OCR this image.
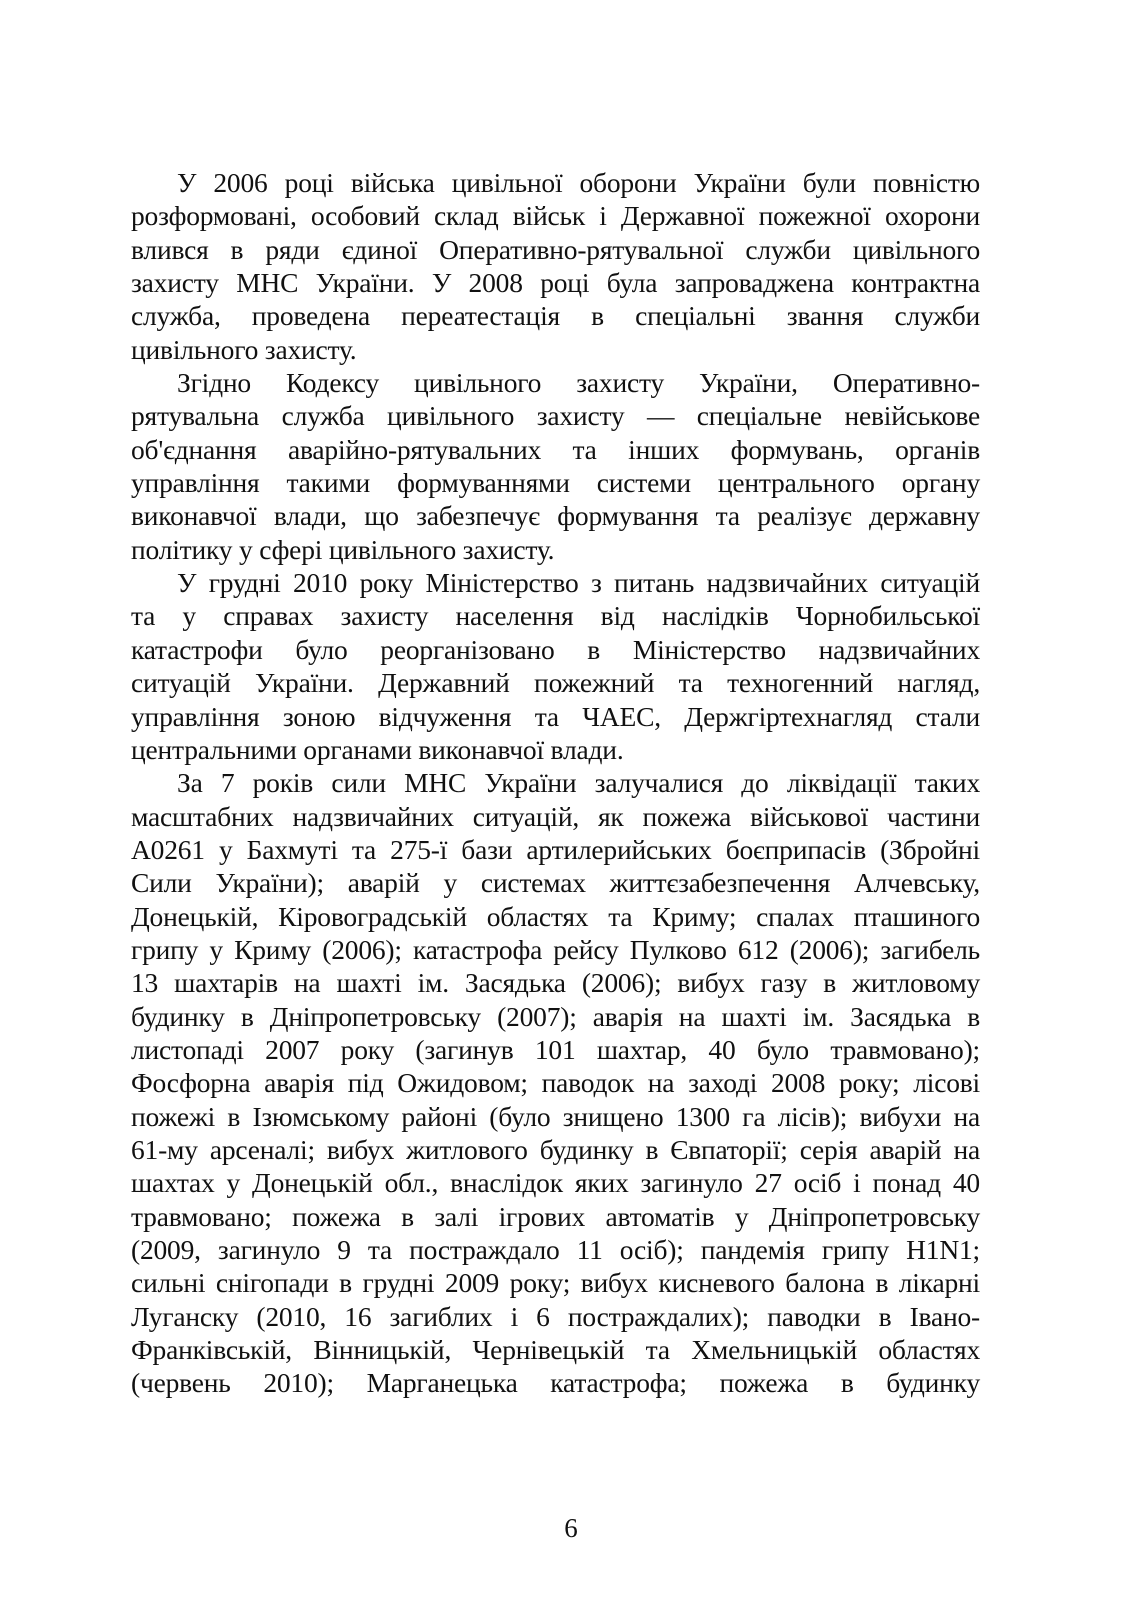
У 2006 році війська цивільної оборони України були повністю
розформовані, особовий склад військ і Державної пожежної охорони
влився в ряди єдиної Оперативно-рятувальної служби цивільного
захисту МНС України. У 2008 році була запроваджена контрактна
служба, проведена переатестація в спеціальні звання служби
цивільного захисту.
Згідно Кодексу цивільного захисту України, Оперативно-
рятувальна служба цивільного захисту — спеціальне невійськове
об'єднання аварійно-рятувальних та інших формувань, органів
управління такими формуваннями системи центрального органу
виконавчої влади, що забезпечує формування та реалізує державну
політику у сфері цивільного захисту.
У грудні 2010 року Міністерство з питань надзвичайних ситуацій
та у справах захисту населення від наслідків Чорнобильської
катастрофи було реорганізовано в Міністерство надзвичайних
ситуацій України. Державний пожежний та техногенний нагляд,
управління зоною відчуження та ЧАЕС, Держгіртехнагляд стали
центральними органами виконавчої влади.
За 7 років сили МНС України залучалися до ліквідації таких
масштабних надзвичайних ситуацій, як пожежа військової частини
А0261 у Бахмуті та 275-ї бази артилерийських боєприпасів (Збройні
Сили України); аварій у системах життєзабезпечення Алчевську,
Донецькій, Кіровоградській областях та Криму; спалах пташиного
грипу у Криму (2006); катастрофа рейсу Пулково 612 (2006); загибель
13 шахтарів на шахті ім. Засядька (2006); вибух газу в житловому
будинку в Дніпропетровську (2007); аварія на шахті ім. Засядька в
листопаді 2007 року (загинув 101 шахтар, 40 було травмовано);
Фосфорна аварія під Ожидовом; паводок на заході 2008 року; лісові
пожежі в Ізюмському районі (було знищено 1300 га лісів); вибухи на
61-му арсеналі; вибух житлового будинку в Євпаторії; серія аварій на
шахтах у Донецькій обл., внаслідок яких загинуло 27 осіб і понад 40
травмовано; пожежа в залі ігрових автоматів у Дніпропетровську
(2009, загинуло 9 та постраждало 11 осіб); пандемія грипу H1N1;
сильні снігопади в грудні 2009 року; вибух кисневого балона в лікарні
Луганску (2010, 16 загиблих і 6 постраждалих); паводки в Івано-
Франківській, Вінницькій, Чернівецькій та Хмельницькій областях
(червень 2010); Марганецька катастрофа; пожежа в будинку
6
